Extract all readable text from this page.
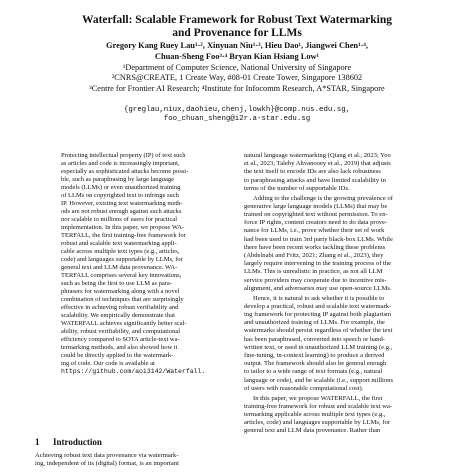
Waterfall: Scalable Framework for Robust Text Watermarking
and Provenance for LLMs
Gregory Kang Ruey Lau¹·², Xinyuan Niu¹·³, Hieu Dao¹, Jiangwei Chen¹·⁴,
Chuan-Sheng Foo³·⁴ Bryan Kian Hsiang Low¹
¹Department of Computer Science, National University of Singapore
²CNRS@CREATE, 1 Create Way, #08-01 Create Tower, Singapore 138602
³Centre for Frontier AI Research; ⁴Institute for Infocomm Research, A*STAR, Singapore
{greglau,niux,daohieu,chenj,lowkh}@comp.nus.edu.sg,
foo_chuan_sheng@i2r.a-star.edu.sg
Protecting intellectual property (IP) of text such
as articles and code is increasingly important,
especially as sophisticated attacks become possi-
ble, such as paraphrasing by large language
models (LLMs) or even unauthorized training
of LLMs on copyrighted text to infringe such
IP. However, existing text watermarking meth-
ods are not robust enough against such attacks
nor scalable to millions of users for practical
implementation. In this paper, we propose WA-
TERFALL, the first training-free framework for
robust and scalable text watermarking appli-
cable across multiple text types (e.g., articles,
code) and languages supportable by LLMs, for
general text and LLM data provenance. WA-
TERFALL comprises several key innovations,
such as being the first to use LLM as para-
phrasers for watermarking along with a novel
combination of techniques that are surprisingly
effective in achieving robust verifiability and
scalability. We empirically demonstrate that
WATERFALL achieves significantly better scal-
ability, robust verifiability, and computational
efficiency compared to SOTA article-text wa-
termarking methods, and also showed how it
could be directly applied to the watermark-
ing of code. Our code is available at
https://github.com/aoi3142/Waterfall.
1 Introduction
Achieving robust text data provenance via watermark-
ing, independent of its (digital) format, is an important
natural language watermarking (Qiang et al., 2023; Yoo
et al., 2023; Taleby Ahvanooey et al., 2019) that adjusts
the text itself to encode IDs are also lack robustness
to paraphrasing attacks and have limited scalability in
terms of the number of supportable IDs.
Adding to the challenge is the growing prevalence of
generative large language models (LLMs) that may be
trained on copyrighted text without permission. To en-
force IP rights, content creators need to do data prove-
nance for LLMs, i.e., prove whether their set of work
had been used to train 3rd party black-box LLMs. While
there have been recent works tackling these problems
(Abdelnabi and Fritz, 2021; Zhang et al., 2023), they
largely require intervening in the training process of the
LLMs. This is unrealistic in practice, as not all LLM
service providers may cooperate due to incentive mis-
alignment, and adversaries may use open-source LLMs.
Hence, it is natural to ask whether it is possible to
develop a practical, robust and scalable text watermark-
ing framework for protecting IP against both plagiarism
and unauthorized training of LLMs. For example, the
watermarks should persist regardless of whether the text
has been paraphrased, converted into speech or hand-
written text, or used in unauthorized LLM training (e.g.,
fine-tuning, in-context learning) to produce a derived
output. The framework should also be general enough
to tailor to a wide range of text formats (e.g., natural
language or code), and be scalable (i.e., support millions
of users with reasonable computational cost).
In this paper, we propose WATERFALL, the first
training-free framework for robust and scalable text wa-
termarking applicable across multiple text types (e.g.,
articles, code) and languages supportable by LLMs, for
general text and LLM data provenance. Rather than
